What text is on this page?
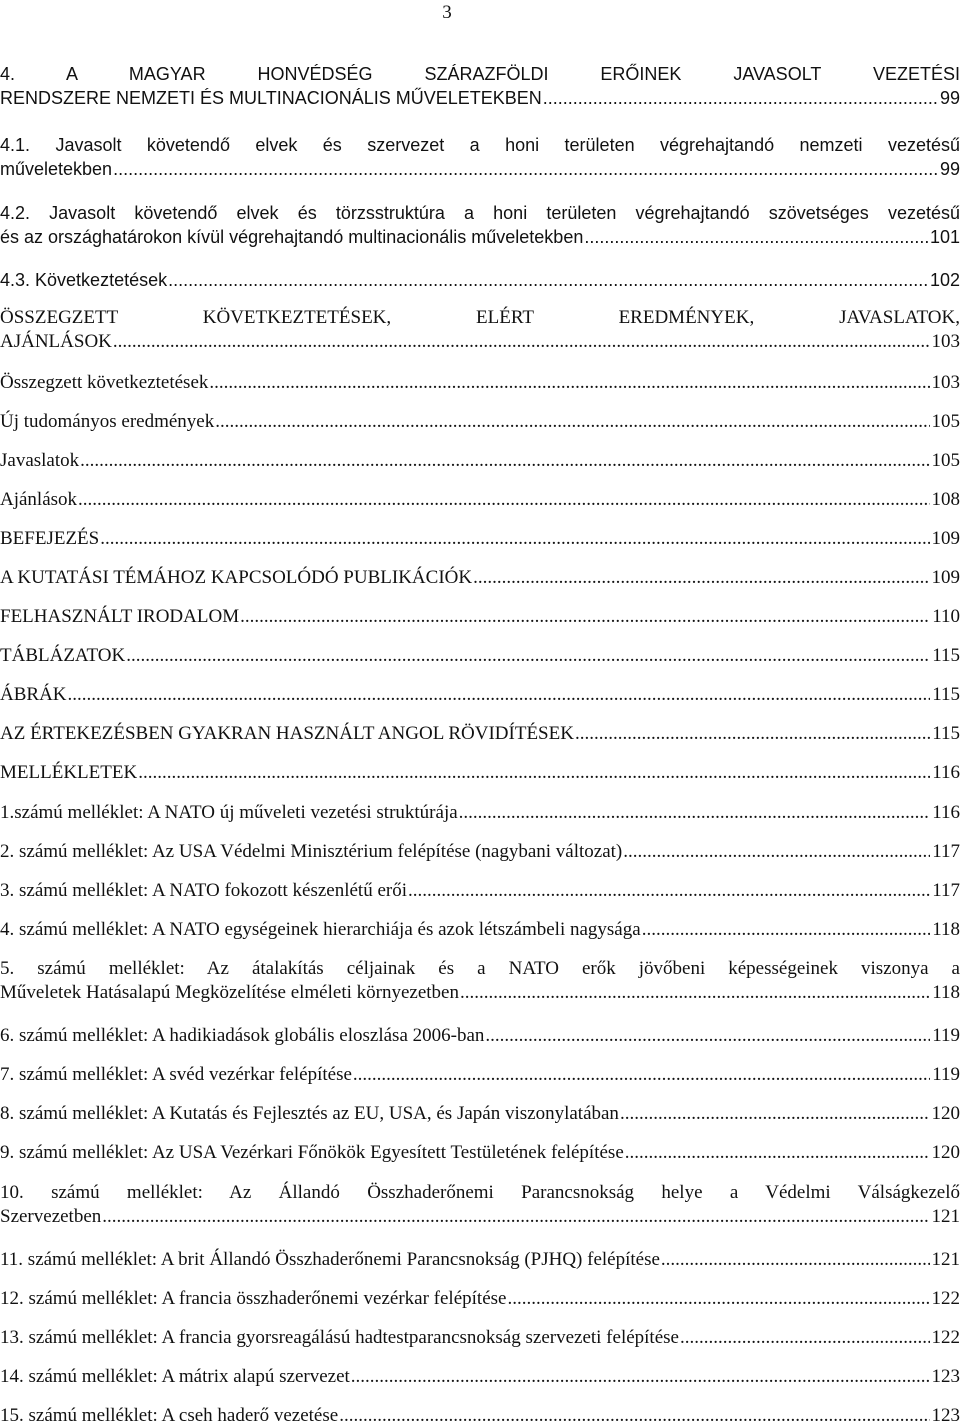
3
4. A MAGYAR HONVÉDSÉG SZÁRAZFÖLDI ERŐINEK JAVASOLT VEZETÉSI
RENDSZERE NEMZETI ÉS MULTINACIONÁLIS MŰVELETEKBEN .....	99
4.1. Javasolt követendő elvek és szervezet a honi területen végrehajtandó nemzeti vezetésű
műveletekben .....	99
4.2. Javasolt követendő elvek és törzsstruktúra a honi területen végrehajtandó szövetséges vezetésű
és az országhatárokon kívül végrehajtandó multinacionális műveletekben .....	101
4.3. Következtetések .....	102
ÖSSZEGZETT KÖVETKEZTETÉSEK, ELÉRT EREDMÉNYEK, JAVASLATOK,
AJÁNLÁSOK .....	103
Összegzett következtetések .....	103
Új tudományos eredmények .....	105
Javaslatok .....	105
Ajánlások .....	108
BEFEJEZÉS .....	109
A KUTATÁSI TÉMÁHOZ KAPCSOLÓDÓ PUBLIKÁCIÓK .....	109
FELHASZNÁLT IRODALOM .....	110
TÁBLÁZATOK .....	115
ÁBRÁK .....	115
AZ ÉRTEKEZÉSBEN GYAKRAN HASZNÁLT ANGOL RÖVIDÍTÉSEK .....	115
MELLÉKLETEK .....	116
1.számú melléklet: A NATO új műveleti vezetési struktúrája .....	116
2. számú melléklet: Az USA Védelmi Minisztérium felépítése (nagybani változat) .....	117
3. számú melléklet: A NATO fokozott készenlétű erői .....	117
4. számú melléklet: A NATO egységeinek hierarchiája és azok létszámbeli nagysága .....	118
5. számú melléklet: Az átalakítás céljainak és a NATO erők jövőbeni képességeinek viszonya a
Műveletek Hatásalapú Megközelítése elméleti környezetben .....	118
6. számú melléklet: A hadikiadások globális eloszlása 2006-ban .....	119
7. számú melléklet: A svéd vezérkar felépítése .....	119
8. számú melléklet: A Kutatás és Fejlesztés az EU, USA, és Japán viszonylatában .....	120
9. számú melléklet: Az USA Vezérkari Főnökök Egyesített Testületének felépítése .....	120
10. számú melléklet: Az Állandó Összhaderőnemi Parancsnokság helye a Védelmi Válságkezelő
Szervezetben .....	121
11. számú melléklet: A brit Állandó Összhaderőnemi Parancsnokság (PJHQ) felépítése .....	121
12. számú melléklet: A francia összhaderőnemi vezérkar felépítése .....	122
13. számú melléklet: A francia gyorsreagálású hadtestparancsnokság szervezeti felépítése .....	122
14. számú melléklet: A mátrix alapú szervezet .....	123
15. számú melléklet: A cseh haderő vezetése .....	123
